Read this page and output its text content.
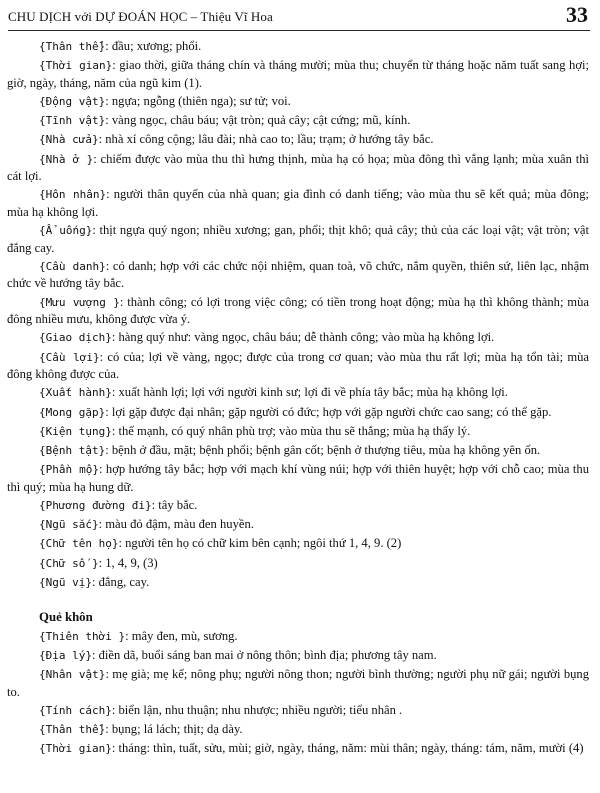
CHU DỊCH với DỰ ĐOÁN HỌC – Thiệu Vĩ Hoa	33

{Thân thể}: đầu; xương; phổi.

{Thời gian}: giao thời, giữa tháng chín và tháng mười; mùa thu; chuyển từ tháng hoặc năm tuất sang hợi; giờ, ngày, tháng, năm của ngũ kim (1).

{Động vật}: ngựa; ngỗng (thiên nga); sư tử; voi.

{Tĩnh vật}: vàng ngọc, châu báu; vật tròn; quả cây; cật cứng; mũ, kính.

{Nhà cửa}: nhà xí công cộng; lâu đài; nhà cao to; lầu; trạm; ở hướng tây bắc.

{Nhà ở }: chiếm được vào mùa thu thì hưng thịnh, mùa hạ có họa; mùa đông thì vắng lạnh; mùa xuân thì cát lợi.

{Hôn nhân}: người thân quyến của nhà quan; gia đình có danh tiếng; vào mùa thu sẽ kết quả; mùa đông; mùa hạ không lợi.

{Ẩ uống}: thịt ngựa quý ngon; nhiều xương; gan, phổi; thịt khô; quả cây; thủ của các loại vật; vật tròn; vật đắng cay.

{Cầu danh}: có danh; hợp với các chức nội nhiệm, quan toà, võ chức, nắm quyền, thiên sứ, liên lạc, nhậm chức về hướng tây bắc.

{Mưu vượng }: thành công; có lợi trong việc công; có tiền trong hoạt động; mùa hạ thì không thành; mùa đông nhiều mưu, không được vừa ý.

{Giao dịch}: hàng quý như: vàng ngọc, châu báu; dễ thành công; vào mùa hạ không lợi.

{Cầu lợi}: có của; lợi về vàng, ngọc; được của trong cơ quan; vào mùa thu rất lợi; mùa hạ tổn tài; mùa đông không được của.

{Xuất hành}: xuất hành lợi; lợi với người kinh sư; lợi đi về phía tây bắc; mùa hạ không lợi.

{Mong gặp}: lợi gặp được đại nhân; gặp người có đức; hợp với gặp người chức cao sang; có thể gặp.

{Kiện tụng}: thế mạnh, có quý nhân phù trợ; vào mùa thu sẽ thắng; mùa hạ thấy lý.

{Bệnh tật}: bệnh ở đầu, mặt; bệnh phổi; bệnh gân cốt; bệnh ở thượng tiêu, mùa hạ không yên ổn.

{Phần mộ}: hợp hướng tây bắc; hợp với mạch khí vùng núi; hợp với thiên huyệt; hợp với chỗ cao; mùa thu thì quý; mùa hạ hung dữ.

{Phương đường đi}: tây bắc.

{Ngũ sắc}: màu đỏ đậm, màu đen huyền.

{Chữ tên họ}: người tên họ có chữ kim bên cạnh; ngôi thứ 1, 4, 9. (2)

{Chữ số }: 1, 4, 9, (3)

{Ngũ vị}: đắng, cay.

Quẻ khôn

{Thiên thời }: mây đen, mù, sương.

{Địa lý}: điền dã, buổi sáng ban mai ở nông thôn; bình địa; phương tây nam.

{Nhân vật}: mẹ già; mẹ kế; nông phụ; người nông thon; người bình thường; người phụ nữ gái; người bụng to.

{Tính cách}: biển lận, nhu thuận; nhu nhược; nhiều người; tiểu nhân .

{Thân thể}: bụng; lá lách; thịt; dạ dày.

{Thời gian}: tháng: thìn, tuất, sửu, mùi; giờ, ngày, tháng, năm: mùi thân; ngày, tháng: tám, năm, mười (4)
